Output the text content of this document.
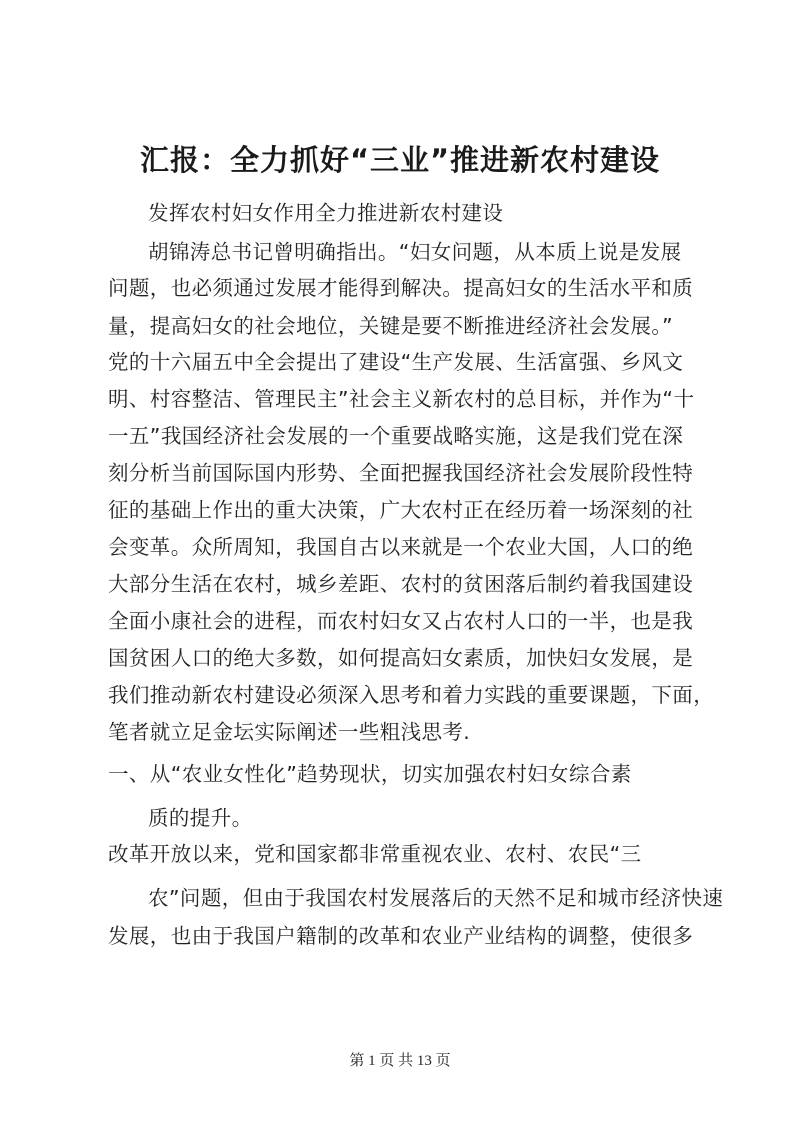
汇报：全力抓好“三业”推进新农村建设
发挥农村妇女作用全力推进新农村建设
胡锦涛总书记曾明确指出。“妇女问题，从本质上说是发展
问题，也必须通过发展才能得到解决。提高妇女的生活水平和质
量，提高妇女的社会地位，关键是要不断推进经济社会发展。”
党的十六届五中全会提出了建设“生产发展、生活富强、乡风文
明、村容整洁、管理民主”社会主义新农村的总目标，并作为“十
一五”我国经济社会发展的一个重要战略实施，这是我们党在深
刻分析当前国际国内形势、全面把握我国经济社会发展阶段性特
征的基础上作出的重大决策，广大农村正在经历着一场深刻的社
会变革。众所周知，我国自古以来就是一个农业大国，人口的绝
大部分生活在农村，城乡差距、农村的贫困落后制约着我国建设
全面小康社会的进程，而农村妇女又占农村人口的一半，也是我
国贫困人口的绝大多数，如何提高妇女素质，加快妇女发展，是
我们推动新农村建设必须深入思考和着力实践的重要课题，下面，
笔者就立足金坛实际阐述一些粗浅思考.
一、从“农业女性化”趋势现状，切实加强农村妇女综合素
质的提升。
改革开放以来，党和国家都非常重视农业、农村、农民“三
农”问题，但由于我国农村发展落后的天然不足和城市经济快速
发展，也由于我国户籍制的改革和农业产业结构的调整，使很多
第 1 页 共 13 页
